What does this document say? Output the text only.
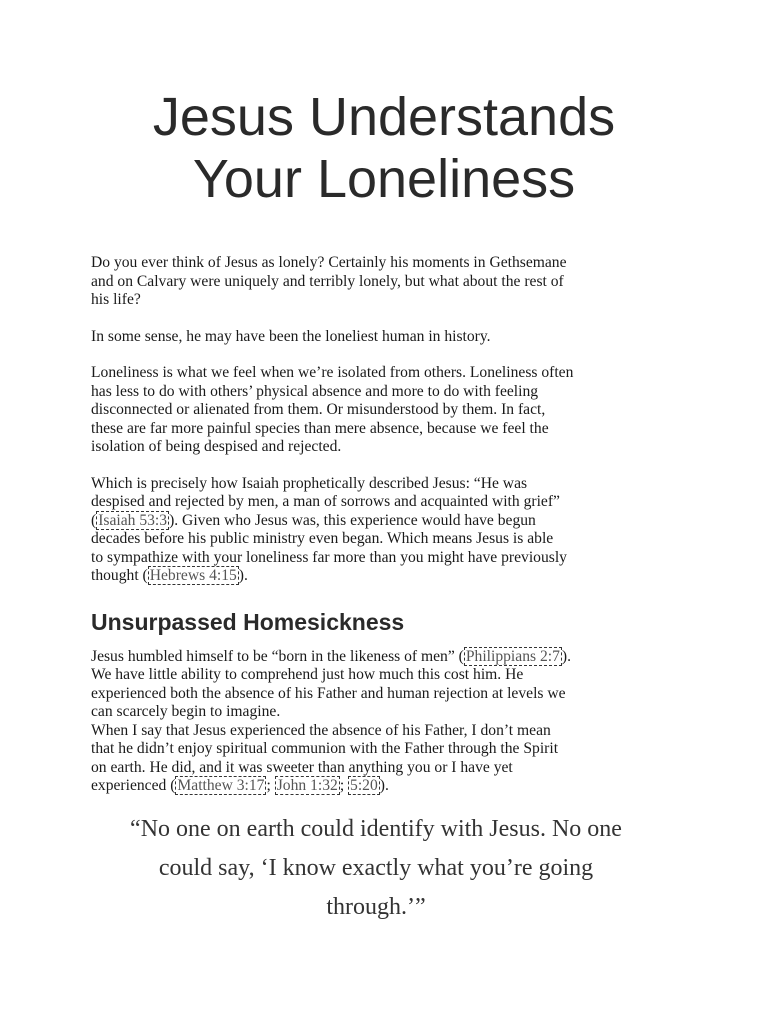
Jesus Understands
Your Loneliness

Do you ever think of Jesus as lonely? Certainly his moments in Gethsemane
and on Calvary were uniquely and terribly lonely, but what about the rest of
his life?

In some sense, he may have been the loneliest human in history.

Loneliness is what we feel when we’re isolated from others. Loneliness often
has less to do with others’ physical absence and more to do with feeling
disconnected or alienated from them. Or misunderstood by them. In fact,
these are far more painful species than mere absence, because we feel the
isolation of being despised and rejected.

Which is precisely how Isaiah prophetically described Jesus: “He was
despised and rejected by men, a man of sorrows and acquainted with grief”
( Isaiah 53:3 ). Given who Jesus was, this experience would have begun
decades before his public ministry even began. Which means Jesus is able
to sympathize with your loneliness far more than you might have previously
thought ( Hebrews 4:15 ).

Unsurpassed Homesickness

Jesus humbled himself to be “born in the likeness of men” ( Philippians 2:7 ).
We have little ability to comprehend just how much this cost him. He
experienced both the absence of his Father and human rejection at levels we
can scarcely begin to imagine.

When I say that Jesus experienced the absence of his Father, I don’t mean
that he didn’t enjoy spiritual communion with the Father through the Spirit
on earth. He did, and it was sweeter than anything you or I have yet
experienced ( Matthew 3:17 ; John 1:32 ; 5:20 ).

“No one on earth could identify with Jesus. No one
could say, ‘I know exactly what you’re going
through.’”
